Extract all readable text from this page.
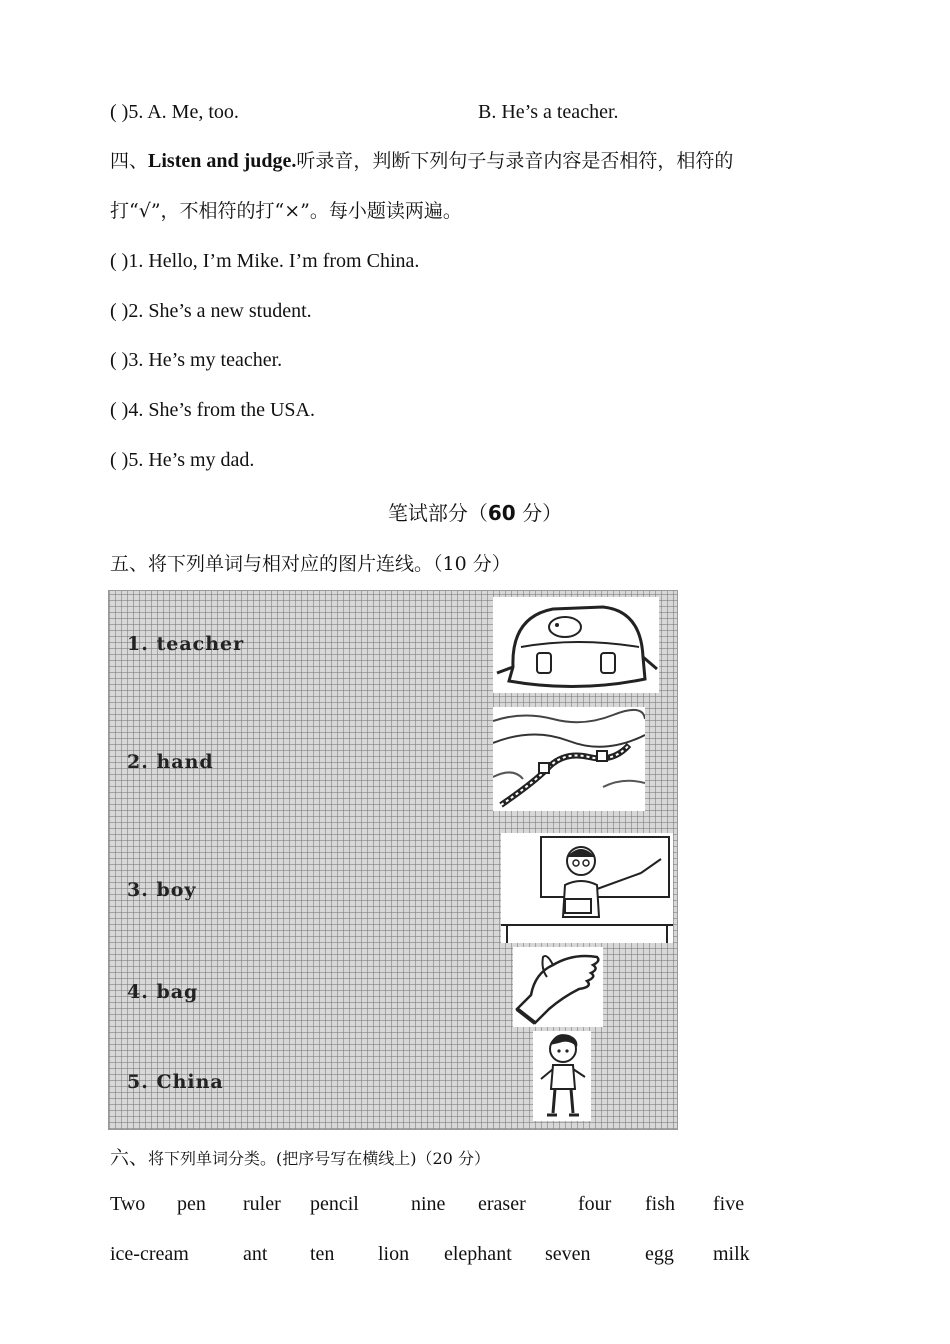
( )5. A. Me, too.	B. He’s a teacher.
四、Listen and judge.听录音，判断下列句子与录音内容是否相符，相符的
打“√”，不相符的打“×”。每小题读两遍。
( )1. Hello, I’m Mike. I’m from China.
( )2. She’s a new student.
( )3. He’s my teacher.
( )4. She’s from the USA.
( )5. He’s my dad.
笔试部分（60 分）
五、将下列单词与相对应的图片连线。（10 分）
1. teacher
2. hand
3. boy
4. bag
5. China
六、将下列单词分类。(把序号写在横线上)（20 分）
Two pen ruler pencil	nine eraser	four fish five
ice-cream	ant ten lion elephant seven	egg milk
